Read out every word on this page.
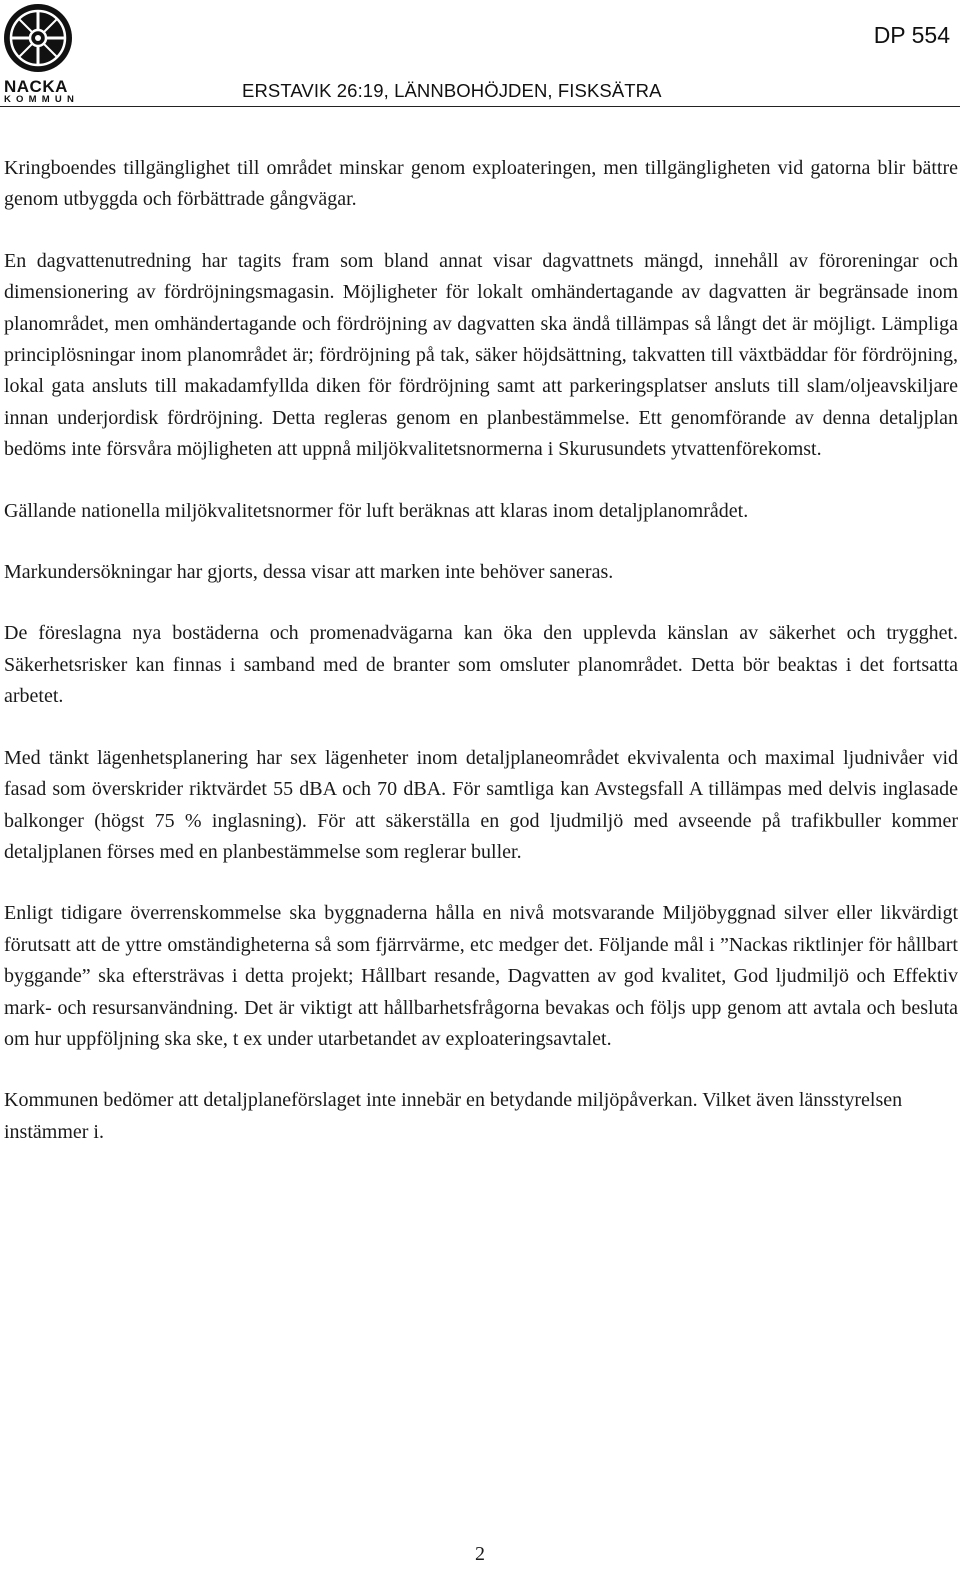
NACKA
KOMMUN
DP 554
ERSTAVIK 26:19, LÄNNBOHÖJDEN, FISKSÄTRA

Kringboendes tillgänglighet till området minskar genom exploateringen, men tillgängligheten vid gatorna blir bättre genom utbyggda och förbättrade gångvägar.

En dagvattenutredning har tagits fram som bland annat visar dagvattnets mängd, innehåll av föroreningar och dimensionering av fördröjningsmagasin. Möjligheter för lokalt omhändertagande av dagvatten är begränsade inom planområdet, men omhändertagande och fördröjning av dagvatten ska ändå tillämpas så långt det är möjligt. Lämpliga principlösningar inom planområdet är; fördröjning på tak, säker höjdsättning, takvatten till växtbäddar för fördröjning, lokal gata ansluts till makadamfyllda diken för fördröjning samt att parkeringsplatser ansluts till slam/oljeavskiljare innan underjordisk fördröjning. Detta regleras genom en planbestämmelse. Ett genomförande av denna detaljplan bedöms inte försvåra möjligheten att uppnå miljökvalitetsnormerna i Skurusundets ytvattenförekomst.

Gällande nationella miljökvalitetsnormer för luft beräknas att klaras inom detaljplanområdet.

Markundersökningar har gjorts, dessa visar att marken inte behöver saneras.

De föreslagna nya bostäderna och promenadvägarna kan öka den upplevda känslan av säkerhet och trygghet. Säkerhetsrisker kan finnas i samband med de branter som omsluter planområdet. Detta bör beaktas i det fortsatta arbetet.

Med tänkt lägenhetsplanering har sex lägenheter inom detaljplaneområdet ekvivalenta och maximal ljudnivåer vid fasad som överskrider riktvärdet 55 dBA och 70 dBA. För samtliga kan Avstegsfall A tillämpas med delvis inglasade balkonger (högst 75 % inglasning). För att säkerställa en god ljudmiljö med avseende på trafikbuller kommer detaljplanen förses med en planbestämmelse som reglerar buller.

Enligt tidigare överrenskommelse ska byggnaderna hålla en nivå motsvarande Miljöbyggnad silver eller likvärdigt förutsatt att de yttre omständigheterna så som fjärrvärme, etc medger det. Följande mål i ”Nackas riktlinjer för hållbart byggande” ska eftersträvas i detta projekt; Hållbart resande, Dagvatten av god kvalitet, God ljudmiljö och Effektiv mark- och resursanvändning. Det är viktigt att hållbarhetsfrågorna bevakas och följs upp genom att avtala och besluta om hur uppföljning ska ske, t ex under utarbetandet av exploateringsavtalet.

Kommunen bedömer att detaljplaneförslaget inte innebär en betydande miljöpåverkan. Vilket även länsstyrelsen instämmer i.

2
